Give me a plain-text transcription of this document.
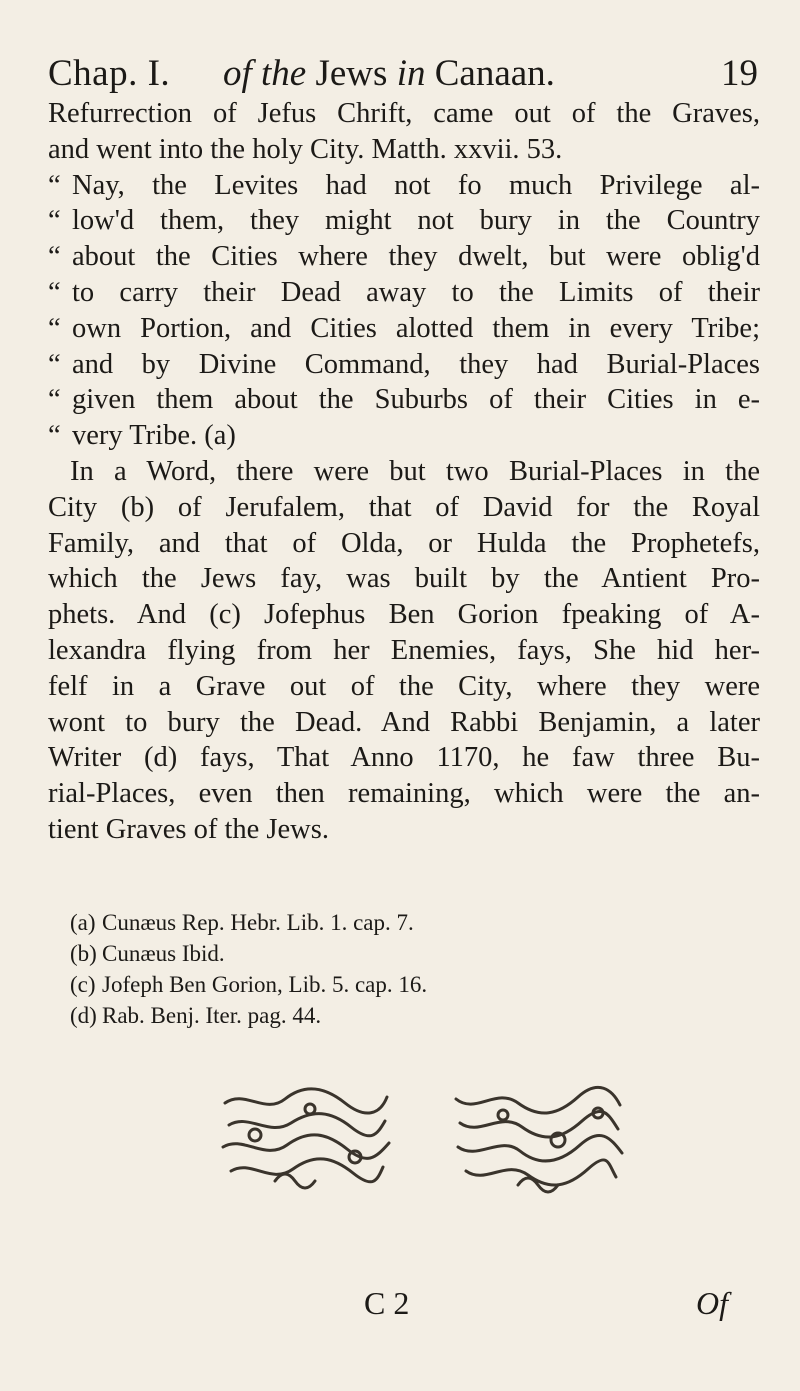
Chap. I. of the Jews in Canaan.	19
Refurrection of Jefus Chrift, came out of the Graves,
and went into the holy City. Matth. xxvii. 53.
“ Nay, the Levites had not fo much Privilege al-
“ low'd them, they might not bury in the Country
“ about the Cities where they dwelt, but were oblig'd
“ to carry their Dead away to the Limits of their
“ own Portion, and Cities alotted them in every Tribe;
“ and by Divine Command, they had Burial-Places
“ given them about the Suburbs of their Cities in e-
“ very Tribe. (a)
In a Word, there were but two Burial-Places in the
City (b) of Jerufalem, that of David for the Royal
Family, and that of Olda, or Hulda the Prophetefs,
which the Jews fay, was built by the Antient Pro-
phets. And (c) Jofephus Ben Gorion fpeaking of A-
lexandra flying from her Enemies, fays, She hid her-
felf in a Grave out of the City, where they were
wont to bury the Dead. And Rabbi Benjamin, a later
Writer (d) fays, That Anno 1170, he faw three Bu-
rial-Places, even then remaining, which were the an-
tient Graves of the Jews.
(a) Cunæus Rep. Hebr. Lib. 1. cap. 7.
(b) Cunæus Ibid.
(c) Jofeph Ben Gorion, Lib. 5. cap. 16.
(d) Rab. Benj. Iter. pag. 44.
C 2	Of
